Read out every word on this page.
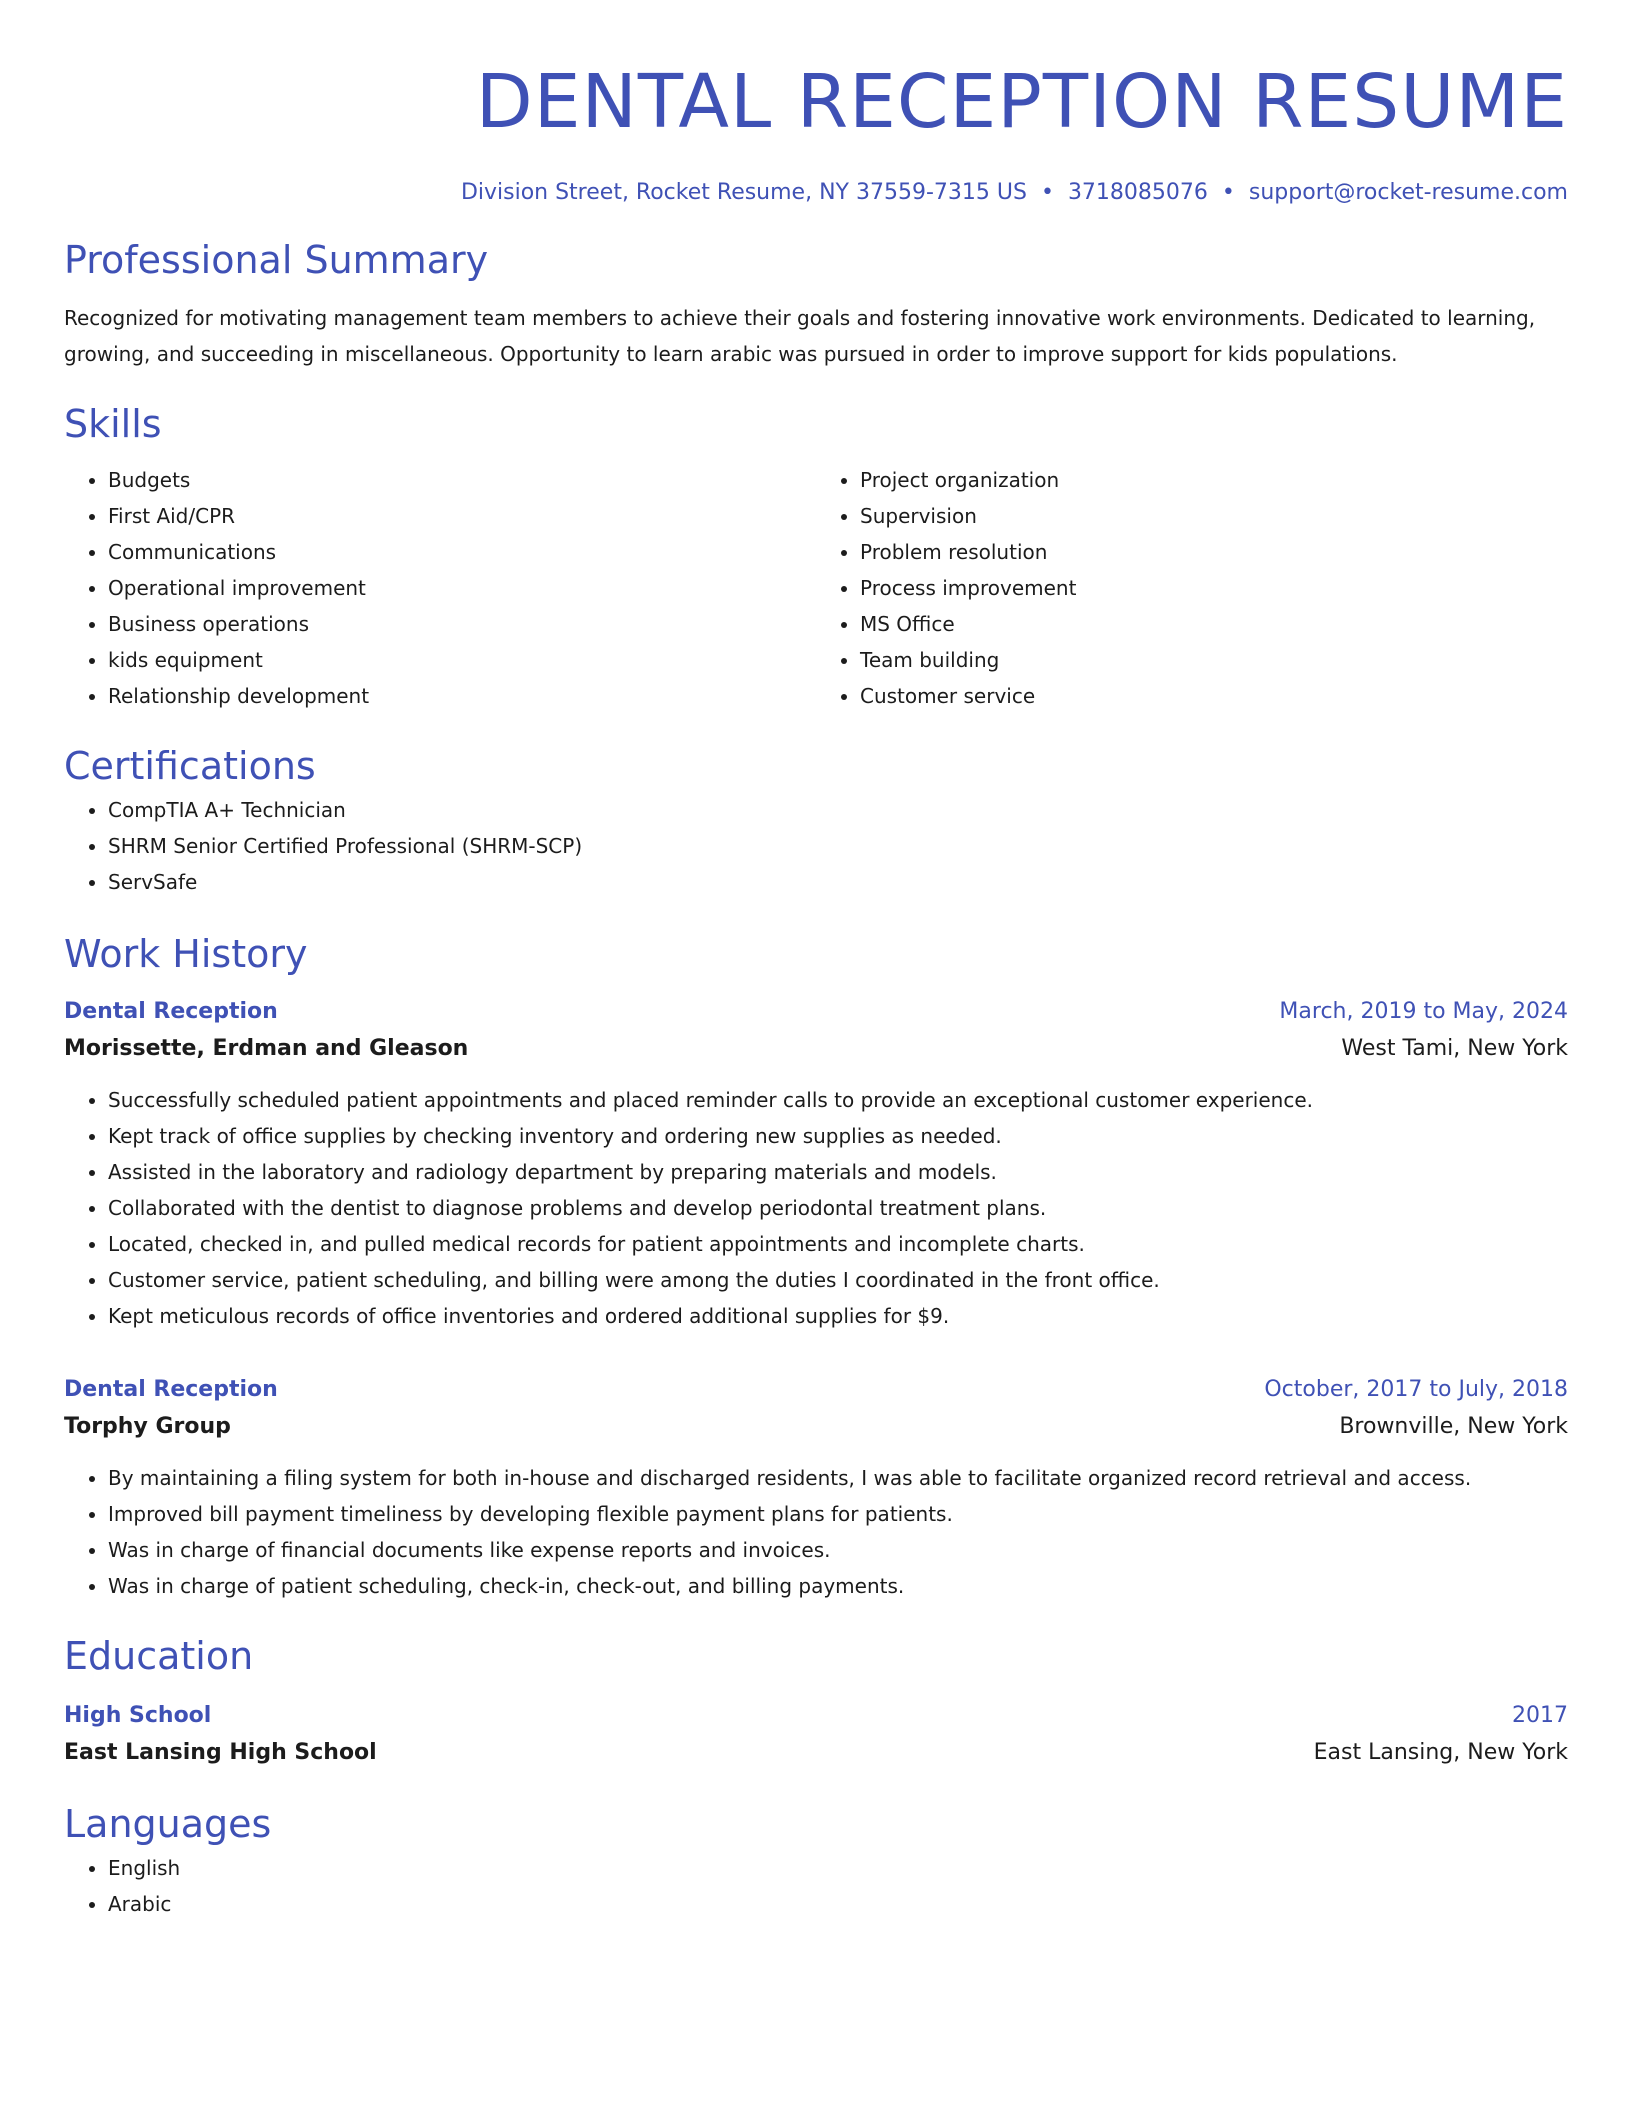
DENTAL RECEPTION RESUME
Division Street, Rocket Resume, NY 37559-7315 US • 3718085076 • support@rocket-resume.com
Professional Summary
Recognized for motivating management team members to achieve their goals and fostering innovative work environments. Dedicated to learning, growing, and succeeding in miscellaneous. Opportunity to learn arabic was pursued in order to improve support for kids populations.
Skills
• Budgets
• First Aid/CPR
• Communications
• Operational improvement
• Business operations
• kids equipment
• Relationship development
• Project organization
• Supervision
• Problem resolution
• Process improvement
• MS Office
• Team building
• Customer service
Certifications
• CompTIA A+ Technician
• SHRM Senior Certified Professional (SHRM-SCP)
• ServSafe
Work History
Dental Reception	March, 2019 to May, 2024
Morissette, Erdman and Gleason	West Tami, New York
• Successfully scheduled patient appointments and placed reminder calls to provide an exceptional customer experience.
• Kept track of office supplies by checking inventory and ordering new supplies as needed.
• Assisted in the laboratory and radiology department by preparing materials and models.
• Collaborated with the dentist to diagnose problems and develop periodontal treatment plans.
• Located, checked in, and pulled medical records for patient appointments and incomplete charts.
• Customer service, patient scheduling, and billing were among the duties I coordinated in the front office.
• Kept meticulous records of office inventories and ordered additional supplies for $9.
Dental Reception	October, 2017 to July, 2018
Torphy Group	Brownville, New York
• By maintaining a filing system for both in-house and discharged residents, I was able to facilitate organized record retrieval and access.
• Improved bill payment timeliness by developing flexible payment plans for patients.
• Was in charge of financial documents like expense reports and invoices.
• Was in charge of patient scheduling, check-in, check-out, and billing payments.
Education
High School	2017
East Lansing High School	East Lansing, New York
Languages
• English
• Arabic
